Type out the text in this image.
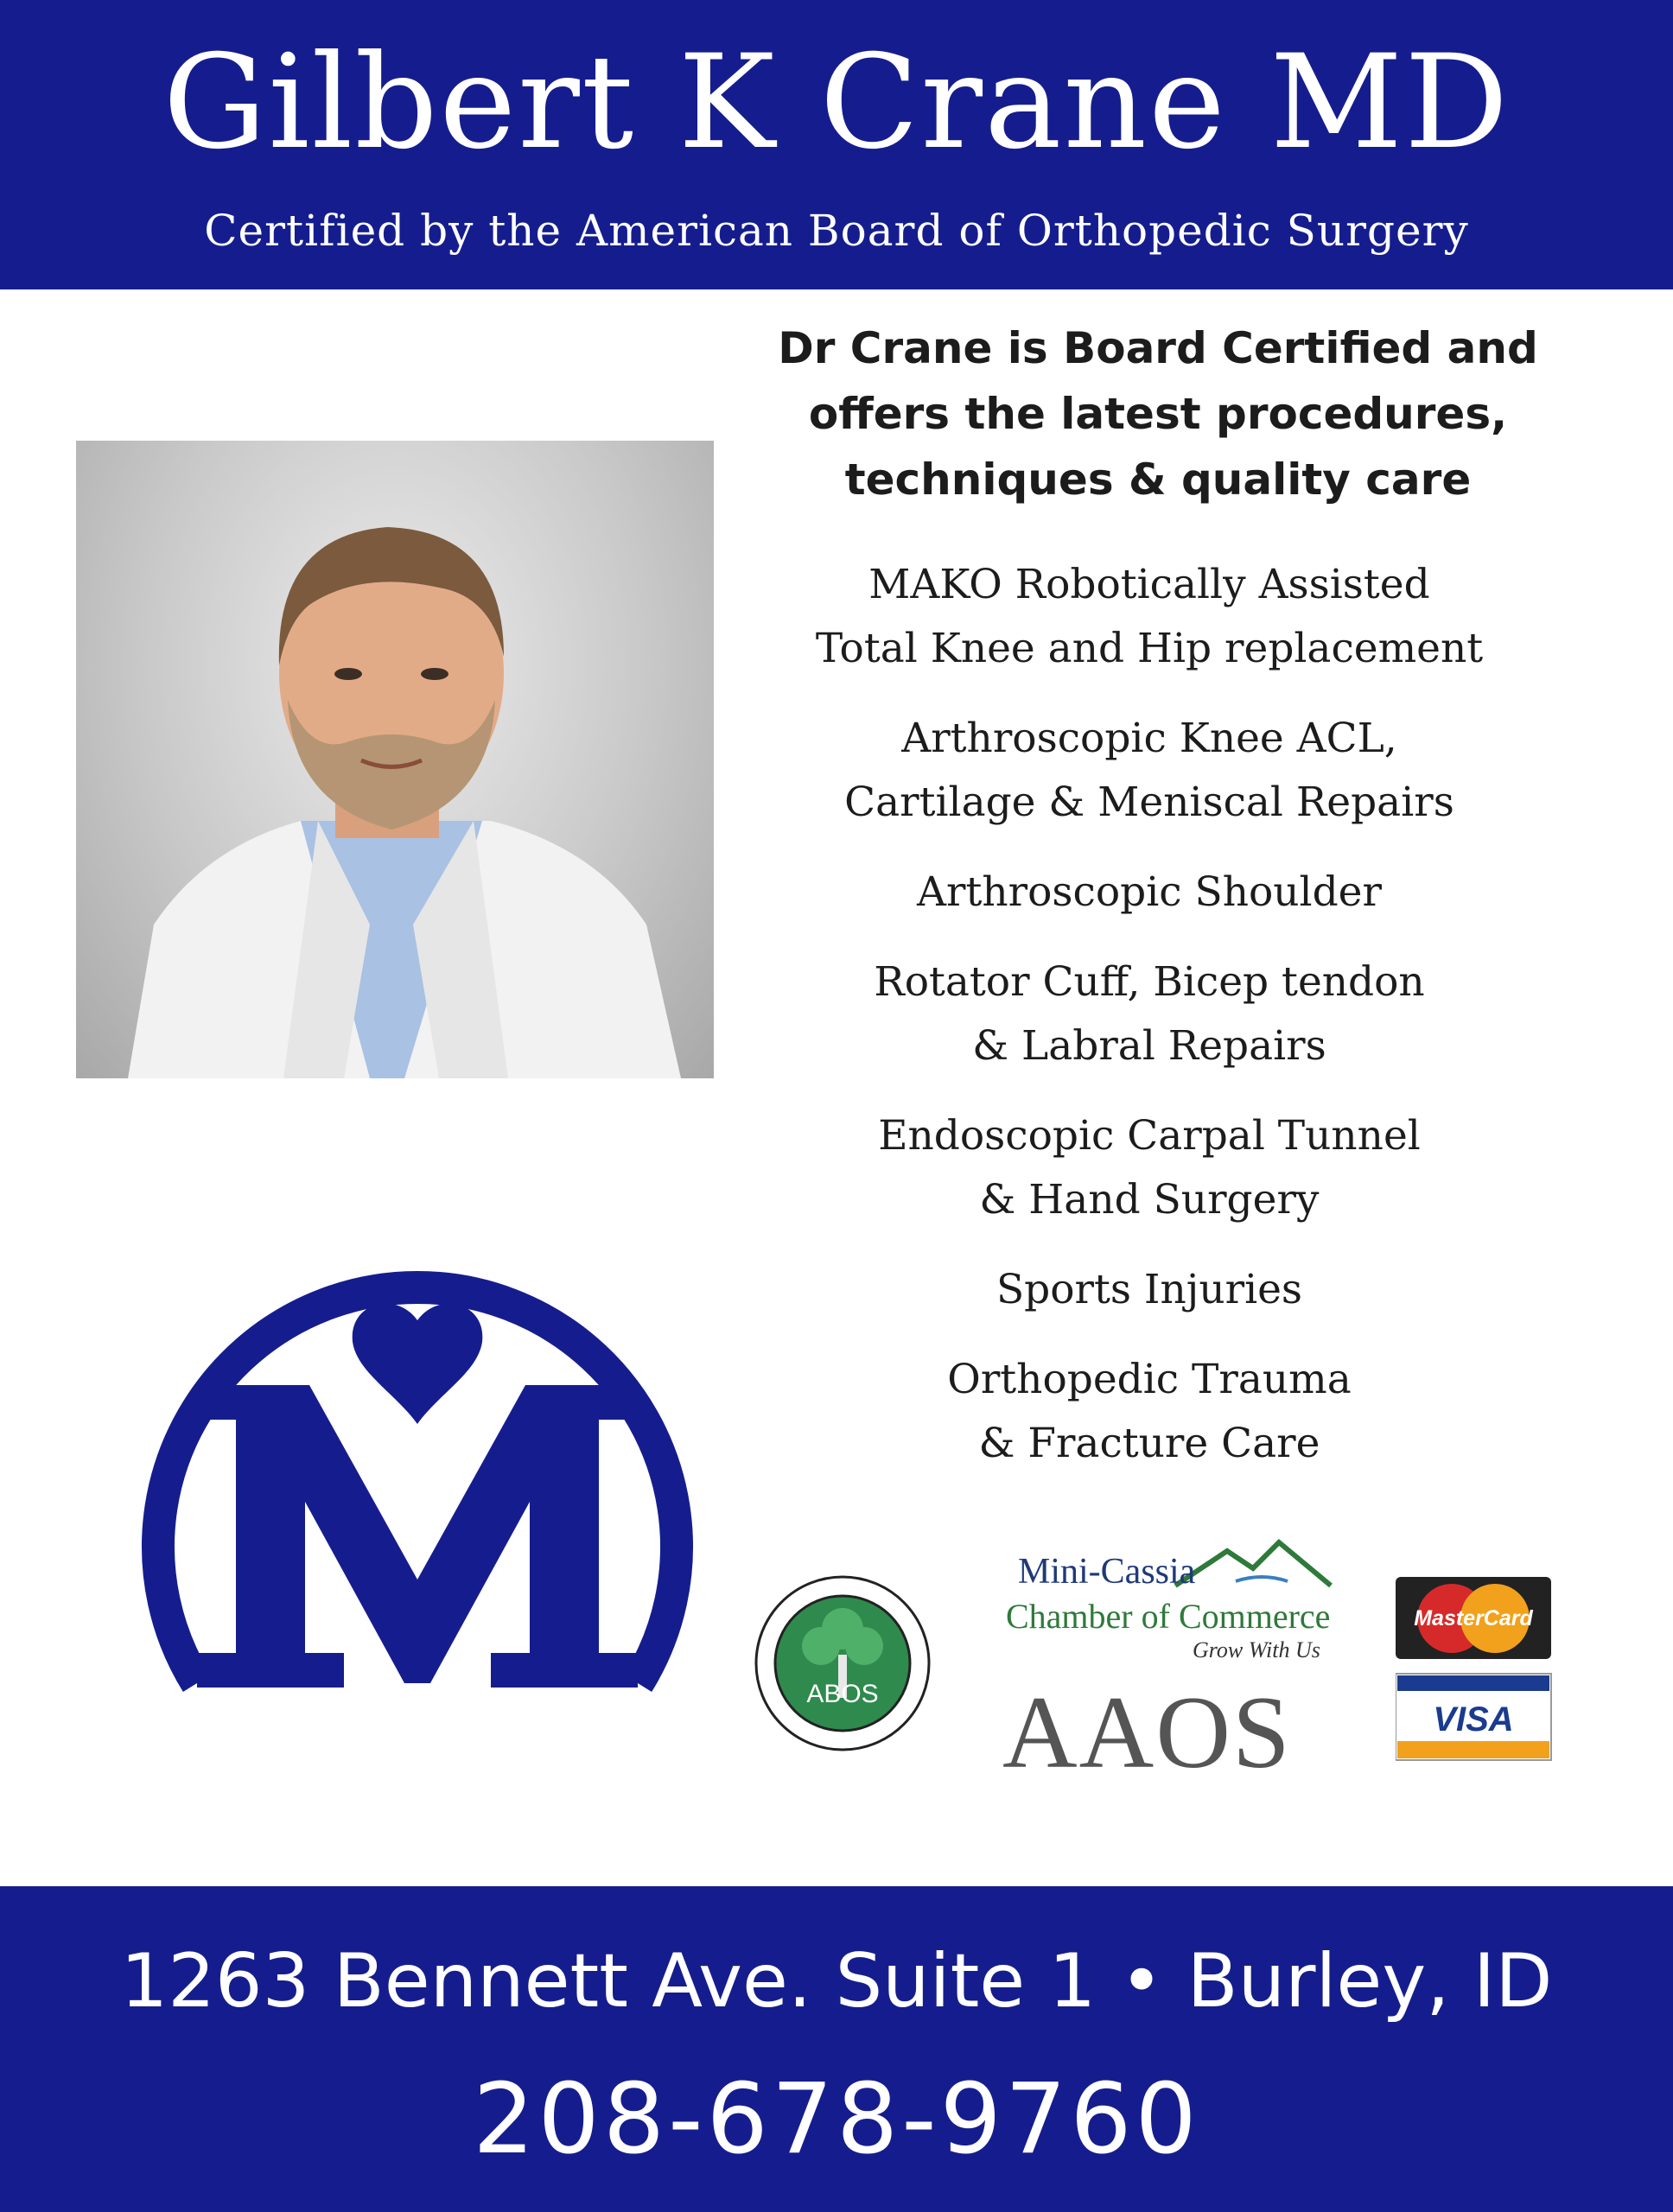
Gilbert K Crane MD
Certified by the American Board of Orthopedic Surgery
Dr Crane is Board Certified and
offers the latest procedures,
techniques & quality care
MAKO Robotically Assisted
Total Knee and Hip replacement
Arthroscopic Knee ACL,
Cartilage & Meniscal Repairs
Arthroscopic Shoulder
Rotator Cuff, Bicep tendon
& Labral Repairs
Endoscopic Carpal Tunnel
& Hand Surgery
Sports Injuries
Orthopedic Trauma
& Fracture Care
ABOS
Mini-Cassia
Chamber of Commerce
Grow With Us
AAOS
MasterCard
VISA
1263 Bennett Ave. Suite 1 • Burley, ID
208-678-9760
